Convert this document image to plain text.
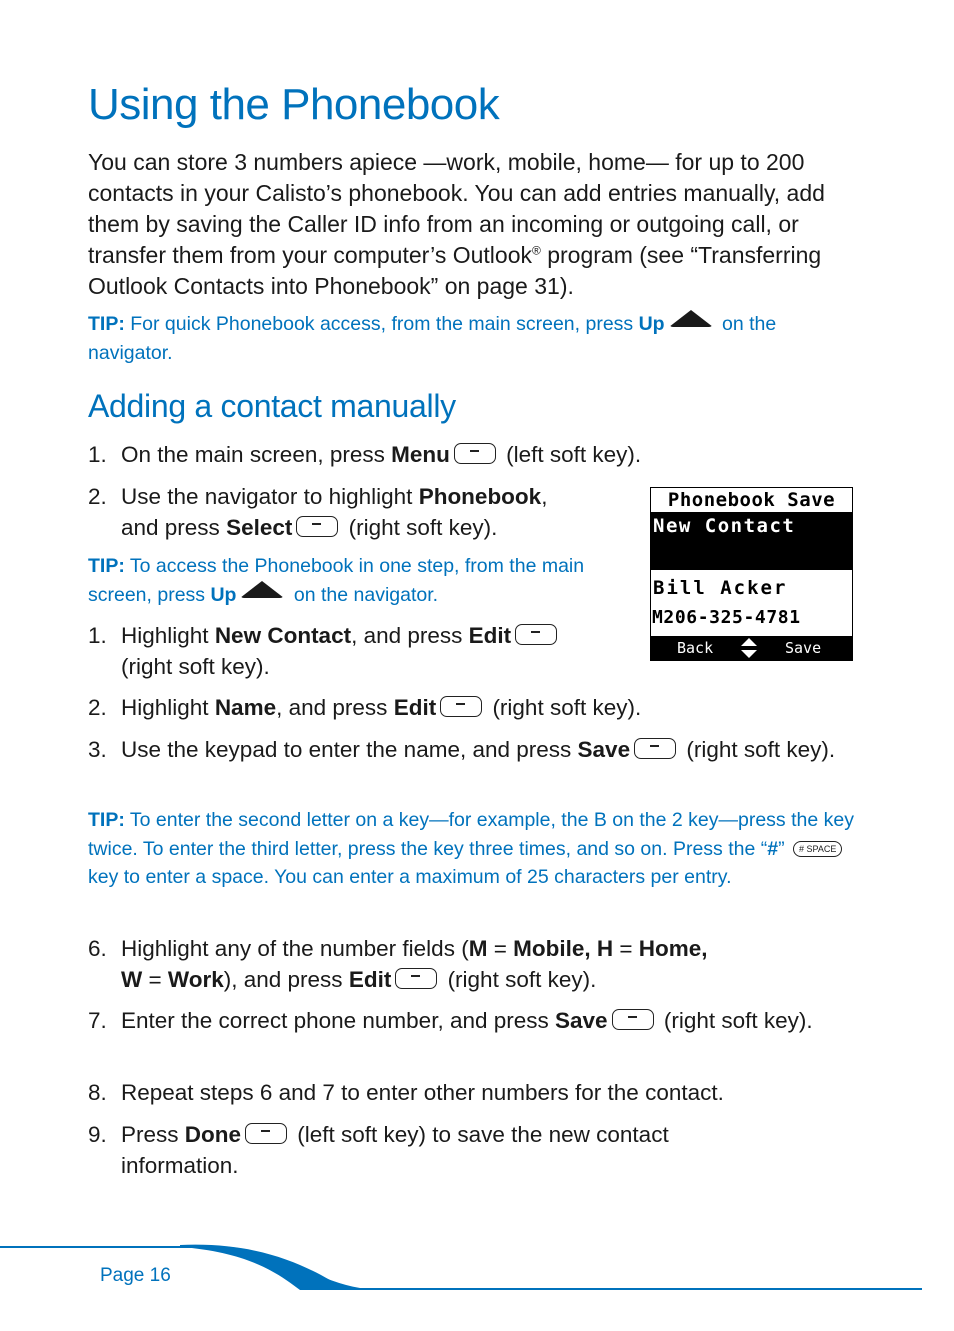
Using the Phonebook

You can store 3 numbers apiece —work, mobile, home— for up to 200 contacts in your Calisto’s phonebook. You can add entries manually, add them by saving the Caller ID info from an incoming or outgoing call, or transfer them from your computer’s Outlook® program (see “Transferring Outlook Contacts into Phonebook” on page 31).

TIP: For quick Phonebook access, from the main screen, press Up	on the navigator.

Adding a contact manually
1. On the main screen, press Menu (left soft key).
2. Use the navigator to highlight Phonebook,
and press Select (right soft key).

TIP: To access the Phonebook in one step, from the main screen, press Up	on the navigator.

1. Highlight New Contact, and press Edit
(right soft key).
2. Highlight Name, and press Edit (right soft key).
3. Use the keypad to enter the name, and press Save (right soft key).

TIP: To enter the second letter on a key—for example, the B on the 2 key—press the key twice. To enter the third letter, press the key three times, and so on. Press the “#” # SPACE key to enter a space. You can enter a maximum of 25 characters per entry.

6. Highlight any of the number fields (M = Mobile, H = Home,
W = Work), and press Edit (right soft key).
7. Enter the correct phone number, and press Save (right soft key).
8. Repeat steps 6 and 7 to enter other numbers for the contact.
9. Press Done (left soft key) to save the new contact information.
Phonebook Save
New Contact
Bill Acker
M206-325-4781
Back	Save
Page 16
